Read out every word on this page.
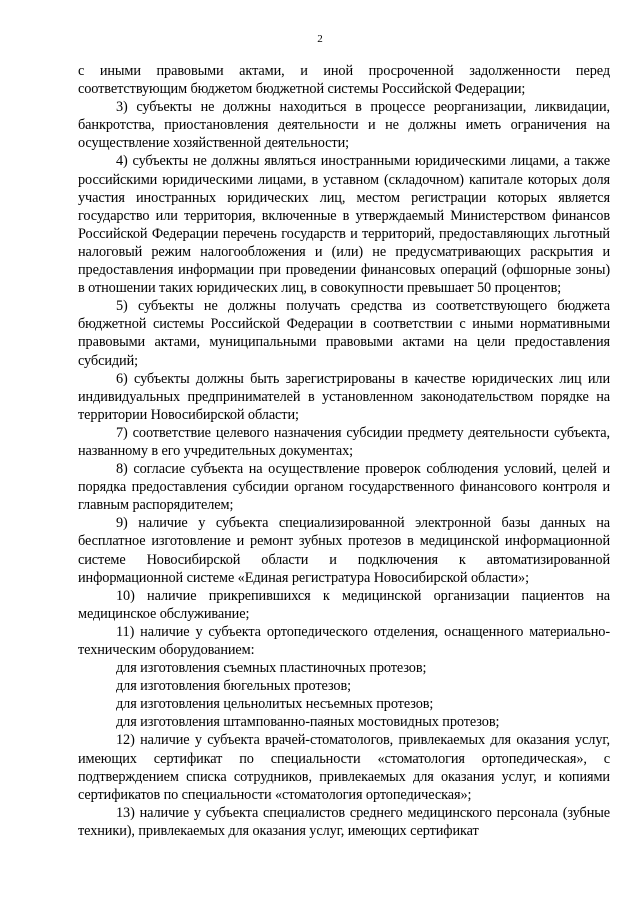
2

с иными правовыми актами, и иной просроченной задолженности перед соответствующим бюджетом бюджетной системы Российской Федерации;

3) субъекты не должны находиться в процессе реорганизации, ликвидации, банкротства, приостановления деятельности и не должны иметь ограничения на осуществление хозяйственной деятельности;

4) субъекты не должны являться иностранными юридическими лицами, а также российскими юридическими лицами, в уставном (складочном) капитале которых доля участия иностранных юридических лиц, местом регистрации которых является государство или территория, включенные в утверждаемый Министерством финансов Российской Федерации перечень государств и территорий, предоставляющих льготный налоговый режим налогообложения и (или) не предусматривающих раскрытия и предоставления информации при проведении финансовых операций (офшорные зоны) в отношении таких юридических лиц, в совокупности превышает 50 процентов;

5) субъекты не должны получать средства из соответствующего бюджета бюджетной системы Российской Федерации в соответствии с иными нормативными правовыми актами, муниципальными правовыми актами на цели предоставления субсидий;

6) субъекты должны быть зарегистрированы в качестве юридических лиц или индивидуальных предпринимателей в установленном законодательством порядке на территории Новосибирской области;

7) соответствие целевого назначения субсидии предмету деятельности субъекта, названному в его учредительных документах;

8) согласие субъекта на осуществление проверок соблюдения условий, целей и порядка предоставления субсидии органом государственного финансового контроля и главным распорядителем;

9) наличие у субъекта специализированной электронной базы данных на бесплатное изготовление и ремонт зубных протезов в медицинской информационной системе Новосибирской области и подключения к автоматизированной информационной системе «Единая регистратура Новосибирской области»;

10) наличие прикрепившихся к медицинской организации пациентов на медицинское обслуживание;

11) наличие у субъекта ортопедического отделения, оснащенного материально-техническим оборудованием:

для изготовления съемных пластиночных протезов;

для изготовления бюгельных протезов;

для изготовления цельнолитых несъемных протезов;

для изготовления штампованно-паяных мостовидных протезов;

12) наличие у субъекта врачей-стоматологов, привлекаемых для оказания услуг, имеющих сертификат по специальности «стоматология ортопедическая», с подтверждением списка сотрудников, привлекаемых для оказания услуг, и копиями сертификатов по специальности «стоматология ортопедическая»;

13) наличие у субъекта специалистов среднего медицинского персонала (зубные техники), привлекаемых для оказания услуг, имеющих сертификат
